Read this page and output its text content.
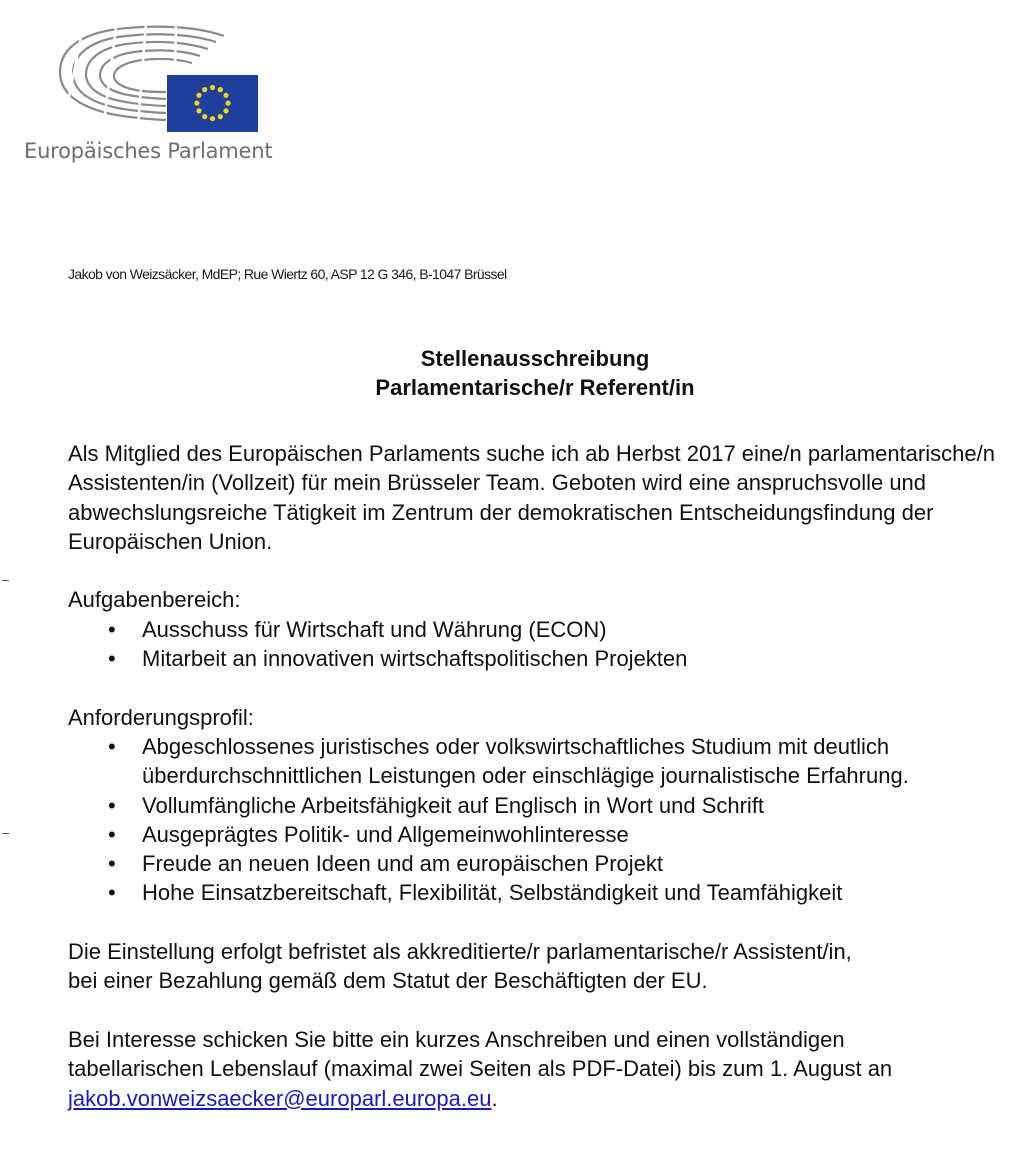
Europäisches Parlament
Jakob von Weizsäcker, MdEP; Rue Wiertz 60, ASP 12 G 346, B-1047 Brüssel
Stellenausschreibung
Parlamentarische/r Referent/in

Als Mitglied des Europäischen Parlaments suche ich ab Herbst 2017 eine/n parlamentarische/n Assistenten/in (Vollzeit) für mein Brüsseler Team. Geboten wird eine anspruchsvolle und abwechslungsreiche Tätigkeit im Zentrum der demokratischen Entscheidungsfindung der Europäischen Union.

Aufgabenbereich:

• Ausschuss für Wirtschaft und Währung (ECON)
• Mitarbeit an innovativen wirtschaftspolitischen Projekten

Anforderungsprofil:

• Abgeschlossenes juristisches oder volkswirtschaftliches Studium mit deutlich überdurchschnittlichen Leistungen oder einschlägige journalistische Erfahrung.
• Vollumfängliche Arbeitsfähigkeit auf Englisch in Wort und Schrift
• Ausgeprägtes Politik- und Allgemeinwohlinteresse
• Freude an neuen Ideen und am europäischen Projekt
• Hohe Einsatzbereitschaft, Flexibilität, Selbständigkeit und Teamfähigkeit

Die Einstellung erfolgt befristet als akkreditierte/r parlamentarische/r Assistent/in,

bei einer Bezahlung gemäß dem Statut der Beschäftigten der EU.

Bei Interesse schicken Sie bitte ein kurzes Anschreiben und einen vollständigen

tabellarischen Lebenslauf (maximal zwei Seiten als PDF-Datei) bis zum 1. August an

jakob.vonweizsaecker@europarl.europa.eu.
